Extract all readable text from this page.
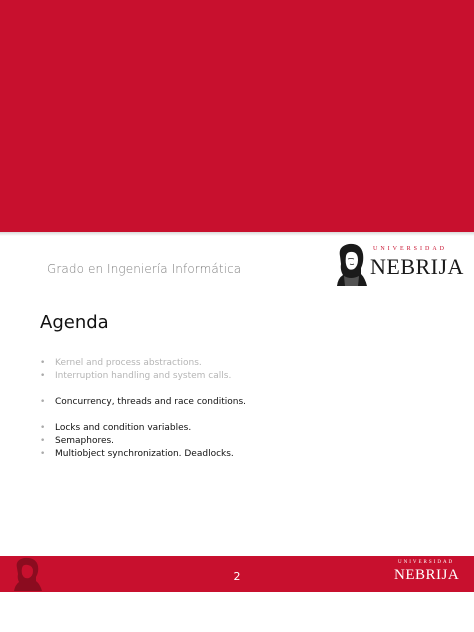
Grado en Ingeniería Informática
UNIVERSIDAD
NEBRIJA
Agenda
• Kernel and process abstractions.
• Interruption handling and system calls.
• Concurrency, threads and race conditions.
• Locks and condition variables.
• Semaphores.
• Multiobject synchronization. Deadlocks.
2
UNIVERSIDAD
NEBRIJA
